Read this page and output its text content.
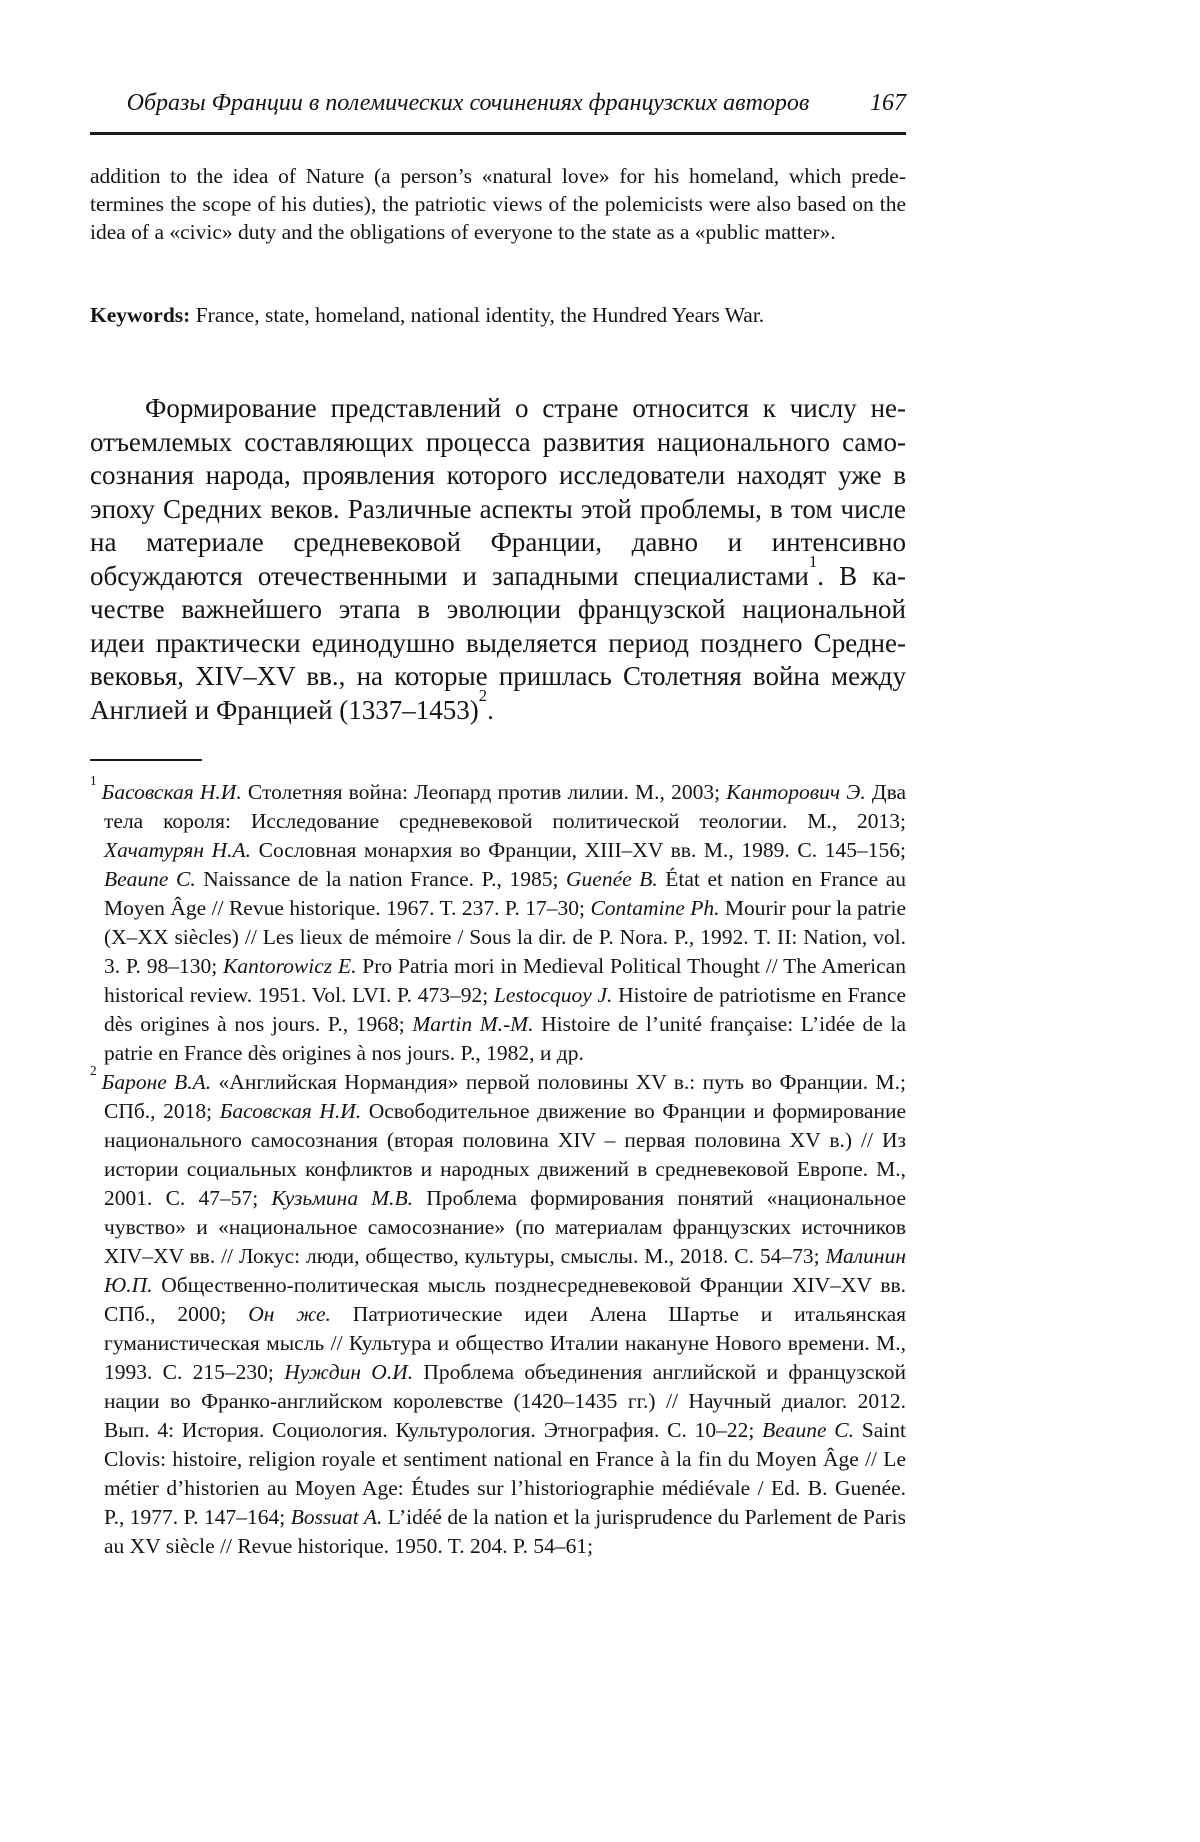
Образы Франции в полемических сочинениях французских авторов	167

addition to the idea of Nature (a person’s «natural love» for his homeland, which predetermines the scope of his duties), the patriotic views of the polemicists were also based on the idea of a «civic» duty and the obligations of everyone to the state as a «public matter».

Keywords: France, state, homeland, national identity, the Hundred Years War.

Формирование представлений о стране относится к числу неотъемлемых составляющих процесса развития национального самосознания народа, проявления которого исследователи находят уже в эпоху Средних веков. Различные аспекты этой проблемы, в том числе на материале средневековой Франции, давно и интенсивно обсуждаются отечественными и западными специалистами$^1$. В качестве важнейшего этапа в эволюции французской национальной идеи практически единодушно выделяется период позднего Средневековья, XIV–XV вв., на которые пришлась Столетняя война между Англией и Францией (1337–1453)$^2$.

$^1$ Басовская Н.И. Столетняя война: Леопард против лилии. М., 2003; Канторович Э. Два тела короля: Исследование средневековой политической теологии. М., 2013; Хачатурян Н.А. Сословная монархия во Франции, XIII–XV вв. М., 1989. С. 145–156; Beaune C. Naissance de la nation France. P., 1985; Guenée B. État et nation en France au Moyen Âge // Revue historique. 1967. T. 237. P. 17–30; Contamine Ph. Mourir pour la patrie (X–XX siècles) // Les lieux de mémoire / Sous la dir. de P. Nora. P., 1992. T. II: Nation, vol. 3. P. 98–130; Kantorowicz E. Pro Patria mori in Medieval Political Thought // The American historical review. 1951. Vol. LVI. P. 473–92; Lestocquoy J. Histoire de patriotisme en France dès origines à nos jours. P., 1968; Martin M.-M. Histoire de l’unité française: L’idée de la patrie en France dès origines à nos jours. P., 1982, и др.

$^2$ Бароне В.А. «Английская Нормандия» первой половины XV в.: путь во Франции. М.; СПб., 2018; Басовская Н.И. Освободительное движение во Франции и формирование национального самосознания (вторая половина XIV – первая половина XV в.) // Из истории социальных конфликтов и народных движений в средневековой Европе. М., 2001. С. 47–57; Кузьмина М.В. Проблема формирования понятий «национальное чувство» и «национальное самосознание» (по материалам французских источников XIV–XV вв. // Локус: люди, общество, культуры, смыслы. М., 2018. С. 54–73; Малинин Ю.П. Общественно-политическая мысль позднесредневековой Франции XIV–XV вв. СПб., 2000; Он же. Патриотические идеи Алена Шартье и итальянская гуманистическая мысль // Культура и общество Италии накануне Нового времени. М., 1993. С. 215–230; Нуждин О.И. Проблема объединения английской и французской нации во Франко-английском королевстве (1420–1435 гг.) // Научный диалог. 2012. Вып. 4: История. Социология. Культурология. Этнография. С. 10–22; Beaune C. Saint Clovis: histoire, religion royale et sentiment national en France à la fin du Moyen Âge // Le métier d’historien au Moyen Age: Études sur l’historiographie médiévale / Ed. B. Guenée. P., 1977. P. 147–164; Bossuat A. L’idéé de la nation et la jurisprudence du Parlement de Paris au XV siècle // Revue historique. 1950. T. 204. P. 54–61;
